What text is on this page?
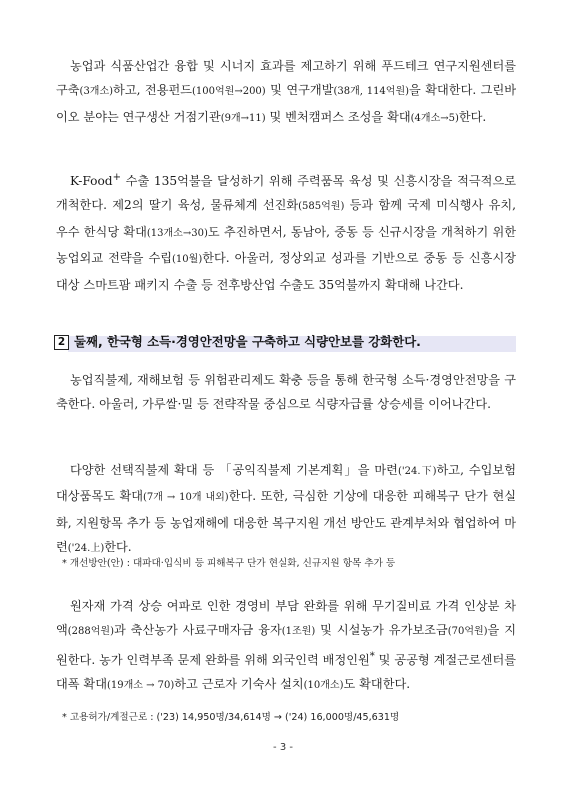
농업과 식품산업간 융합 및 시너지 효과를 제고하기 위해 푸드테크 연구지원센터를 구축(3개소)하고, 전용펀드(100억원→200) 및 연구개발(38개, 114억원)을 확대한다. 그린바이오 분야는 연구생산 거점기관(9개→11) 및 벤처캠퍼스 조성을 확대(4개소→5)한다.

K-Food+ 수출 135억불을 달성하기 위해 주력품목 육성 및 신흥시장을 적극적으로 개척한다. 제2의 딸기 육성, 물류체계 선진화(585억원) 등과 함께 국제 미식행사 유치, 우수 한식당 확대(13개소→30)도 추진하면서, 동남아, 중동 등 신규시장을 개척하기 위한 농업외교 전략을 수립(10월)한다. 아울러, 정상외교 성과를 기반으로 중동 등 신흥시장 대상 스마트팜 패키지 수출 등 전후방산업 수출도 35억불까지 확대해 나간다.

2 둘째, 한국형 소득·경영안전망을 구축하고 식량안보를 강화한다.

농업직불제, 재해보험 등 위험관리제도 확충 등을 통해 한국형 소득·경영안전망을 구축한다. 아울러, 가루쌀·밀 등 전략작물 중심으로 식량자급률 상승세를 이어나간다.

다양한 선택직불제 확대 등 「공익직불제 기본계획」을 마련('24.下)하고, 수입보험 대상품목도 확대(7개 → 10개 내외)한다. 또한, 극심한 기상에 대응한 피해복구 단가 현실화, 지원항목 추가 등 농업재해에 대응한 복구지원 개선 방안도 관계부처와 협업하여 마련('24.上)한다.

* 개선방안(안) : 대파대·입식비 등 피해복구 단가 현실화, 신규지원 항목 추가 등

원자재 가격 상승 여파로 인한 경영비 부담 완화를 위해 무기질비료 가격 인상분 차액(288억원)과 축산농가 사료구매자금 융자(1조원) 및 시설농가 유가보조금(70억원)을 지원한다. 농가 인력부족 문제 완화를 위해 외국인력 배정인원* 및 공공형 계절근로센터를 대폭 확대(19개소 → 70)하고 근로자 기숙사 설치(10개소)도 확대한다.

* 고용허가/계절근로 : ('23) 14,950명/34,614명 → ('24) 16,000명/45,631명

- 3 -
